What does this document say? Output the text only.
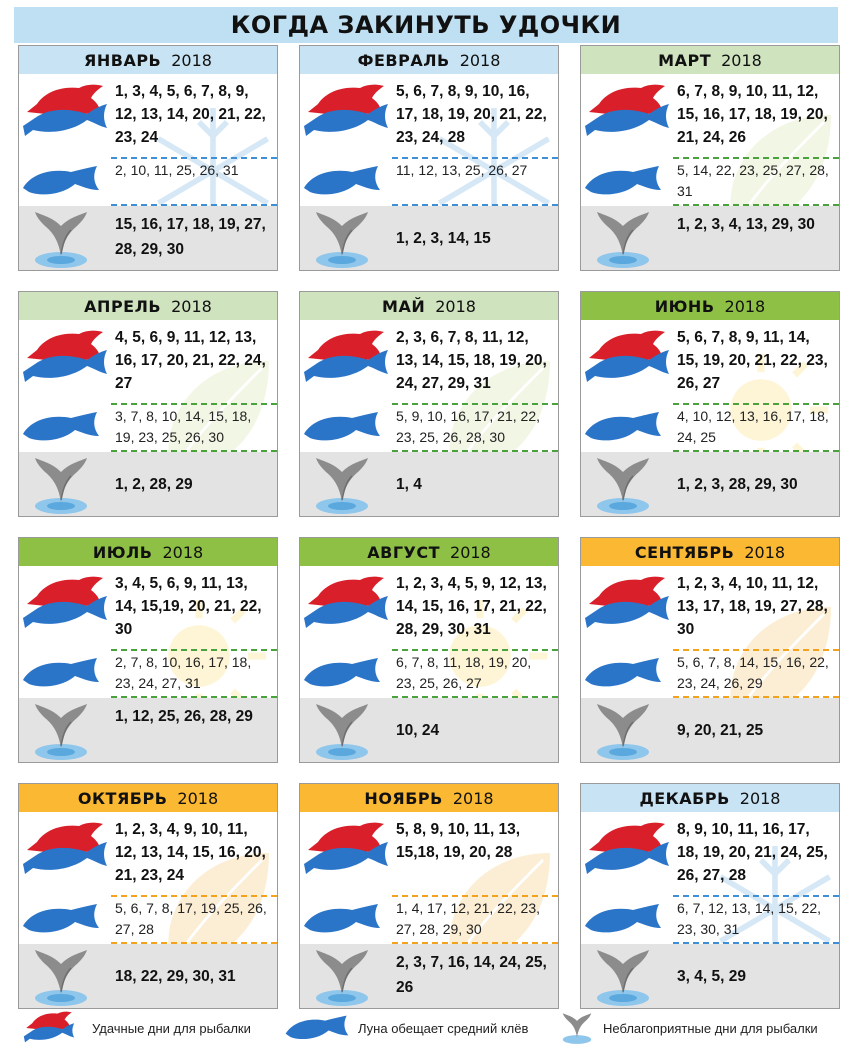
КОГДА ЗАКИНУТЬ УДОЧКИ
ЯНВАРЬ 2018
1, 3, 4, 5, 6, 7, 8, 9, 12, 13, 14, 20, 21, 22, 23, 24
2, 10, 11, 25, 26, 31
15, 16, 17, 18, 19, 27, 28, 29, 30
ФЕВРАЛЬ 2018
5, 6, 7, 8, 9, 10, 16, 17, 18, 19, 20, 21, 22, 23, 24, 28
11, 12, 13, 25, 26, 27
1, 2, 3, 14, 15
МАРТ 2018
6, 7, 8, 9, 10, 11, 12, 15, 16, 17, 18, 19, 20, 21, 24, 26
5, 14, 22, 23, 25, 27, 28, 31
1, 2, 3, 4, 13, 29, 30
АПРЕЛЬ 2018
4, 5, 6, 9, 11, 12, 13, 16, 17, 20, 21, 22, 24, 27
3, 7, 8, 10, 14, 15, 18, 19, 23, 25, 26, 30
1, 2, 28, 29
МАЙ 2018
2, 3, 6, 7, 8, 11, 12, 13, 14, 15, 18, 19, 20, 24, 27, 29, 31
5, 9, 10, 16, 17, 21, 22, 23, 25, 26, 28, 30
1, 4
ИЮНЬ 2018
5, 6, 7, 8, 9, 11, 14, 15, 19, 20, 21, 22, 23, 26, 27
4, 10, 12, 13, 16, 17, 18, 24, 25
1, 2, 3, 28, 29, 30
ИЮЛЬ 2018
3, 4, 5, 6, 9, 11, 13, 14, 15,19, 20, 21, 22, 30
2, 7, 8, 10, 16, 17, 18, 23, 24, 27, 31
1, 12, 25, 26, 28, 29
АВГУСТ 2018
1, 2, 3, 4, 5, 9, 12, 13, 14, 15, 16, 17, 21, 22, 28, 29, 30, 31
6, 7, 8, 11, 18, 19, 20, 23, 25, 26, 27
10, 24
СЕНТЯБРЬ 2018
1, 2, 3, 4, 10, 11, 12, 13, 17, 18, 19, 27, 28, 30
5, 6, 7, 8, 14, 15, 16, 22, 23, 24, 26, 29
9, 20, 21, 25
ОКТЯБРЬ 2018
1, 2, 3, 4, 9, 10, 11, 12, 13, 14, 15, 16, 20, 21, 23, 24
5, 6, 7, 8, 17, 19, 25, 26, 27, 28
18, 22, 29, 30, 31
НОЯБРЬ 2018
5, 8, 9, 10, 11, 13, 15,18, 19, 20, 28
1, 4, 17, 12, 21, 22, 23, 27, 28, 29, 30
2, 3, 7, 16, 14, 24, 25, 26
ДЕКАБРЬ 2018
8, 9, 10, 11, 16, 17, 18, 19, 20, 21, 24, 25, 26, 27, 28
6, 7, 12, 13, 14, 15, 22, 23, 30, 31
3, 4, 5, 29
Удачные дни для рыбалки	Луна обещает средний клёв	Неблагоприятные дни для рыбалки
